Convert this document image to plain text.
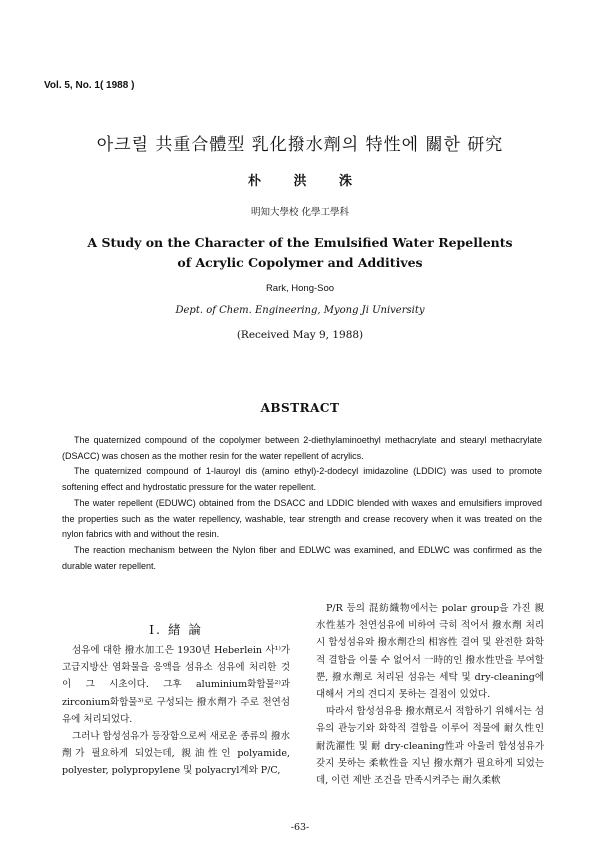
Vol. 5, No. 1( 1988 )
아크릴 共重合體型 乳化撥水劑의 特性에 關한 研究
朴 洪 洙
明知大學校 化學工學科
A Study on the Character of the Emulsified Water Repellents
of Acrylic Copolymer and Additives
Rark, Hong-Soo
Dept. of Chem. Engineering, Myong Ji University
(Received May 9, 1988)
ABSTRACT

The quaternized compound of the copolymer between 2-diethylaminoethyl methacrylate and stearyl methacrylate (DSACC) was chosen as the mother resin for the water repellent of acrylics.

The quaternized compound of 1-lauroyl dis (amino ethyl)-2-dodecyl imidazoline (LDDIC) was used to promote softening effect and hydrostatic pressure for the water repellent.

The water repellent (EDUWC) obtained from the DSACC and LDDIC blended with waxes and emulsifiers improved the properties such as the water repellency, washable, tear strength and crease recovery when it was treated on the nylon fabrics with and without the resin.

The reaction mechanism between the Nylon fiber and EDLWC was examined, and EDLWC was confirmed as the durable water repellent.

I. 緖 論

섬유에 대한 撥水加工은 1930년 Heberlein 사¹⁾가 고급지방산 염화물을 응액을 섬유소 섬유에 처리한 것이 그 시초이다. 그후 aluminium화합물²⁾과 zirconium화합물³⁾로 구성되는 撥水劑가 주로 천연섬유에 처리되었다.

그러나 합성섬유가 등장함으로써 새로운 종류의 撥水劑가 필요하게 되었는데, 親油性인 polyamide, polyester, polypropylene 및 polyacryl계와 P/C,

P/R 등의 混紡織物에서는 polar group을 가진 親水性基가 천연섬유에 비하여 극히 적어서 撥水劑 처리시 합성섬유와 撥水劑간의 相容性 결여 및 완전한 화학적 결합을 이룰 수 없어서 一時的인 撥水性만을 부여할뿐, 撥水劑로 처리된 섬유는 세탁 및 dry-cleaning에 대해서 거의 견디지 못하는 결점이 있었다.

따라서 합성섬유용 撥水劑로서 적합하기 위해서는 섬유의 관능기와 화학적 결합을 이루어 적물에 耐久性인 耐洗濯性 및 耐 dry-cleaning性과 아울러 합성섬유가 갖지 못하는 柔軟性을 지닌 撥水劑가 필요하게 되었는데, 이런 제반 조건을 만족시켜주는 耐久柔軟

-63-
